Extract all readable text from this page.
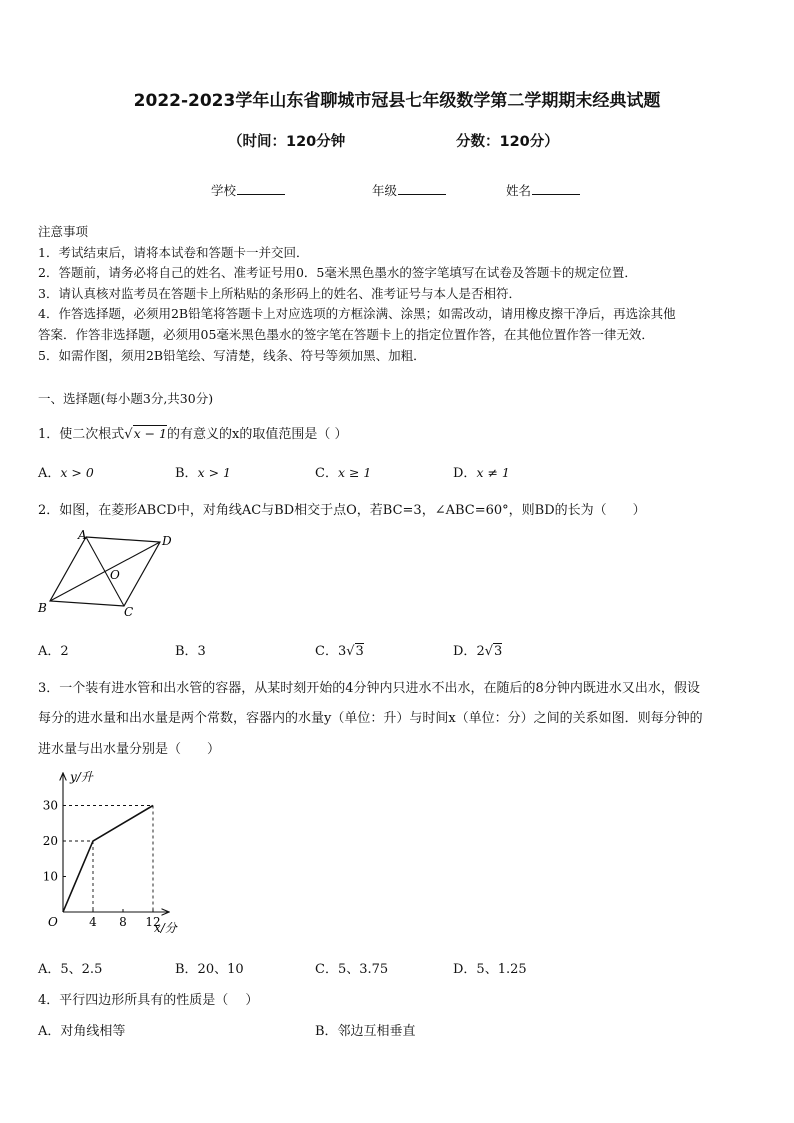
2022-2023学年山东省聊城市冠县七年级数学第二学期期末经典试题
（时间：120分钟	分数：120分）
学校	年级	姓名
注意事项
1．考试结束后，请将本试卷和答题卡一并交回．
2．答题前，请务必将自己的姓名、准考证号用0．5毫米黑色墨水的签字笔填写在试卷及答题卡的规定位置．
3．请认真核对监考员在答题卡上所粘贴的条形码上的姓名、准考证号与本人是否相符．
4．作答选择题，必须用2B铅笔将答题卡上对应选项的方框涂满、涂黑；如需改动，请用橡皮擦干净后，再选涂其他
答案．作答非选择题，必须用05毫米黑色墨水的签字笔在答题卡上的指定位置作答，在其他位置作答一律无效．
5．如需作图，须用2B铅笔绘、写清楚，线条、符号等须加黑、加粗．
一、选择题(每小题3分,共30分)
1．使二次根式√x − 1的有意义的x的取值范围是（ ）
A．x > 0	B．x > 1	C．x ≥ 1	D．x ≠ 1
2．如图，在菱形ABCD中，对角线AC与BD相交于点O，若BC=3，∠ABC=60°，则BD的长为（　　）
A	D
O
B	C
A．2	B．3	C．3√3	D．2√3
3．一个装有进水管和出水管的容器，从某时刻开始的4分钟内只进水不出水，在随后的8分钟内既进水又出水，假设
每分的进水量和出水量是两个常数，容器内的水量y（单位：升）与时间x（单位：分）之间的关系如图．则每分钟的
进水量与出水量分别是（　　）
4 8 12
10
20
30
y/升
x/分
O
A．5、2.5	B．20、10	C．5、3.75	D．5、1.25
4．平行四边形所具有的性质是（　 ）
A．对角线相等	B．邻边互相垂直
